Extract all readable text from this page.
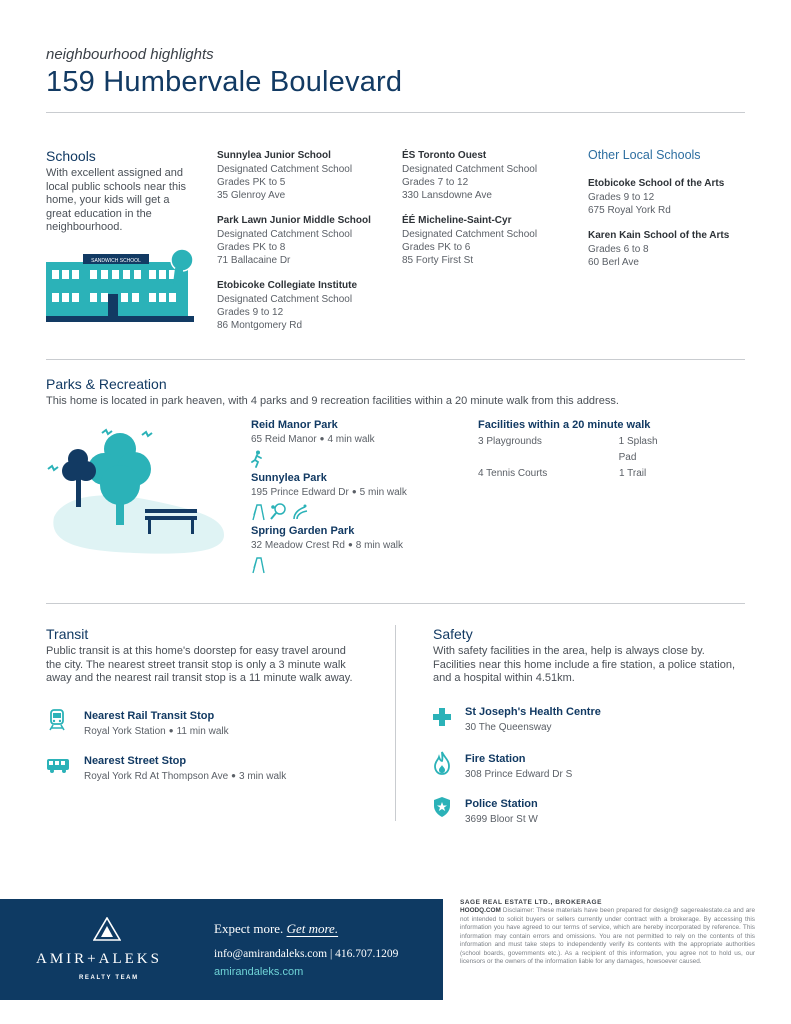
neighbourhood highlights
159 Humbervale Boulevard
Schools
With excellent assigned and local public schools near this home, your kids will get a great education in the neighbourhood.
SANDWICH SCHOOL
Sunnylea Junior School
Designated Catchment School
Grades PK to 5
35 Glenroy Ave
Park Lawn Junior Middle School
Designated Catchment School
Grades PK to 8
71 Ballacaine Dr
Etobicoke Collegiate Institute
Designated Catchment School
Grades 9 to 12
86 Montgomery Rd
ÉS Toronto Ouest
Designated Catchment School
Grades 7 to 12
330 Lansdowne Ave
ÉÉ Micheline-Saint-Cyr
Designated Catchment School
Grades PK to 6
85 Forty First St
Other Local Schools
Etobicoke School of the Arts
Grades 9 to 12
675 Royal York Rd
Karen Kain School of the Arts
Grades 6 to 8
60 Berl Ave
Parks & Recreation
This home is located in park heaven, with 4 parks and 9 recreation facilities within a 20 minute walk from this address.
Reid Manor Park
65 Reid Manor ● 4 min walk
Sunnylea Park
195 Prince Edward Dr ● 5 min walk
Spring Garden Park
32 Meadow Crest Rd ● 8 min walk
Facilities within a 20 minute walk
3 Playgrounds	1 Splash Pad
4 Tennis Courts	1 Trail
Transit
Public transit is at this home's doorstep for easy travel around the city. The nearest street transit stop is only a 3 minute walk away and the nearest rail transit stop is a 11 minute walk away.
Nearest Rail Transit Stop
Royal York Station ● 11 min walk
Nearest Street Stop
Royal York Rd At Thompson Ave ● 3 min walk
Safety
With safety facilities in the area, help is always close by. Facilities near this home include a fire station, a police station, and a hospital within 4.51km.
St Joseph's Health Centre
30 The Queensway
Fire Station
308 Prince Edward Dr S
Police Station
3699 Bloor St W
AMIR+ALEKS
REALTY TEAM
Expect more. Get more.
info@amirandaleks.com | 416.707.1209
amirandaleks.com
SAGE REAL ESTATE LTD., BROKERAGE
HOODQ.COM Disclaimer: These materials have been prepared for design@ sagerealestate.ca and are not intended to solicit buyers or sellers currently under contract with a brokerage. By accessing this information you have agreed to our terms of service, which are hereby incorporated by reference. This information may contain errors and omissions. You are not permitted to rely on the contents of this information and must take steps to independently verify its contents with the appropriate authorities (school boards, governments etc.). As a recipient of this information, you agree not to hold us, our licensors or the owners of the information liable for any damages, howsoever caused.
